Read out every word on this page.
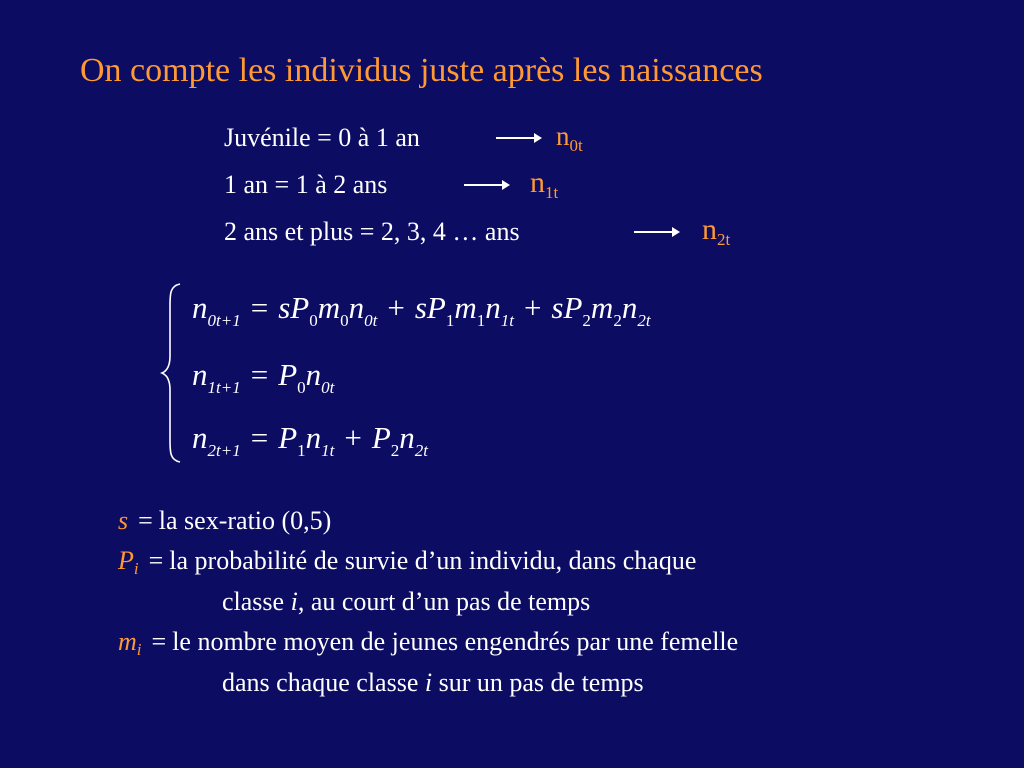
On compte les individus juste après les naissances
Juvénile = 0 à 1 an	$n_{0t}$
1 an = 1 à 2 ans	$n_{1t}$
2 ans et plus = 2, 3, 4 … ans	$n_{2t}$
$n_{0t+1} = sP_0m_0n_{0t} + sP_1m_1n_{1t} + sP_2m_2n_{2t}$
$n_{1t+1} = P_0n_{0t}$
$n_{2t+1} = P_1n_{1t} + P_2n_{2t}$
s = la sex-ratio (0,5)
$P_i$ = la probabilité de survie d’un individu, dans chaque
classe i, au court d’un pas de temps
$m_i$ = le nombre moyen de jeunes engendrés par une femelle
dans chaque classe i sur un pas de temps
